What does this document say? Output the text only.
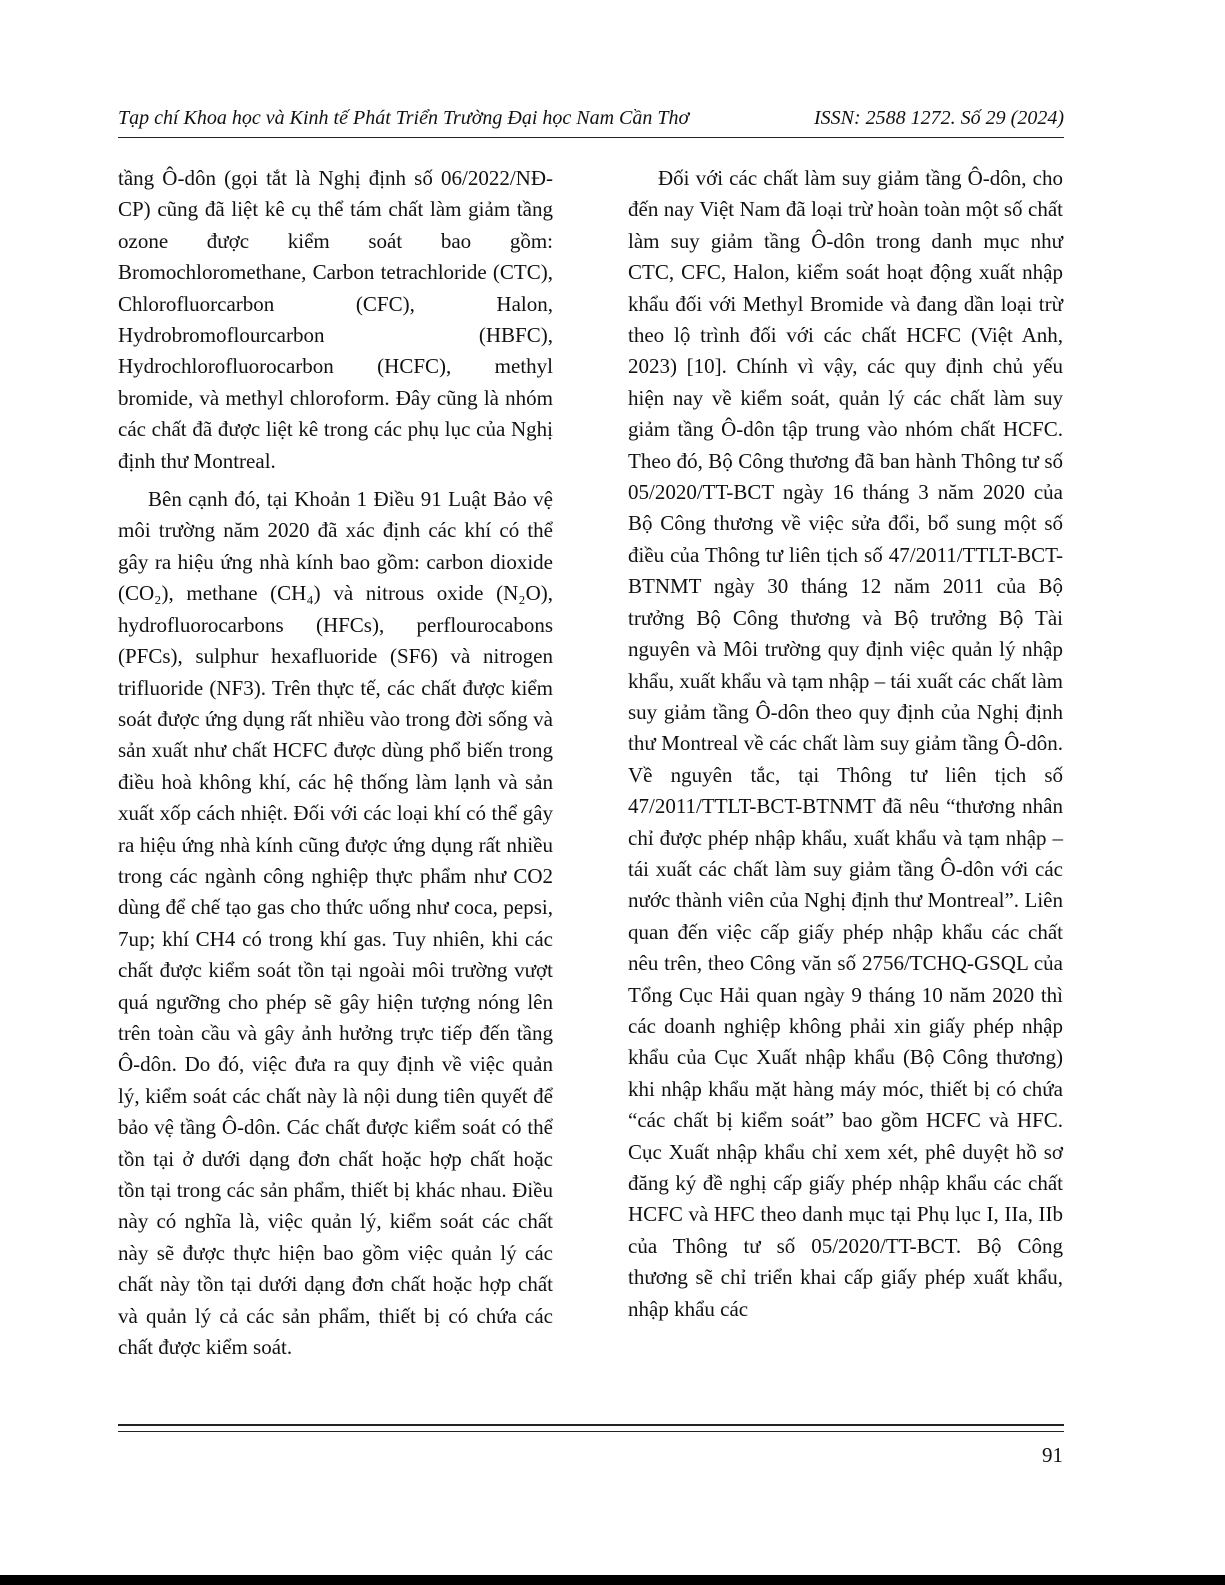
Tạp chí Khoa học và Kinh tế Phát Triển Trường Đại học Nam Cần Thơ	ISSN: 2588 1272. Số 29 (2024)

tầng Ô-dôn (gọi tắt là Nghị định số 06/2022/NĐ-CP) cũng đã liệt kê cụ thể tám chất làm giảm tầng ozone được kiểm soát bao gồm: Bromochloromethane, Carbon tetrachloride (CTC), Chlorofluorcarbon (CFC), Halon, Hydrobromoflourcarbon (HBFC), Hydrochlorofluorocarbon (HCFC), methyl bromide, và methyl chloroform. Đây cũng là nhóm các chất đã được liệt kê trong các phụ lục của Nghị định thư Montreal.

Bên cạnh đó, tại Khoản 1 Điều 91 Luật Bảo vệ môi trường năm 2020 đã xác định các khí có thể gây ra hiệu ứng nhà kính bao gồm: carbon dioxide (CO₂), methane (CH₄) và nitrous oxide (N₂O), hydrofluorocarbons (HFCs), perflourocabons (PFCs), sulphur hexafluoride (SF6) và nitrogen trifluoride (NF3). Trên thực tế, các chất được kiểm soát được ứng dụng rất nhiều vào trong đời sống và sản xuất như chất HCFC được dùng phổ biến trong điều hoà không khí, các hệ thống làm lạnh và sản xuất xốp cách nhiệt. Đối với các loại khí có thể gây ra hiệu ứng nhà kính cũng được ứng dụng rất nhiều trong các ngành công nghiệp thực phẩm như CO2 dùng để chế tạo gas cho thức uống như coca, pepsi, 7up; khí CH4 có trong khí gas. Tuy nhiên, khi các chất được kiểm soát tồn tại ngoài môi trường vượt quá ngưỡng cho phép sẽ gây hiện tượng nóng lên trên toàn cầu và gây ảnh hưởng trực tiếp đến tầng Ô-dôn. Do đó, việc đưa ra quy định về việc quản lý, kiểm soát các chất này là nội dung tiên quyết để bảo vệ tầng Ô-dôn. Các chất được kiểm soát có thể tồn tại ở dưới dạng đơn chất hoặc hợp chất hoặc tồn tại trong các sản phẩm, thiết bị khác nhau. Điều này có nghĩa là, việc quản lý, kiểm soát các chất này sẽ được thực hiện bao gồm việc quản lý các chất này tồn tại dưới dạng đơn chất hoặc hợp chất và quản lý cả các sản phẩm, thiết bị có chứa các chất được kiểm soát.

Đối với các chất làm suy giảm tầng Ô-dôn, cho đến nay Việt Nam đã loại trừ hoàn toàn một số chất làm suy giảm tầng Ô-dôn trong danh mục như CTC, CFC, Halon, kiểm soát hoạt động xuất nhập khẩu đối với Methyl Bromide và đang dần loại trừ theo lộ trình đối với các chất HCFC (Việt Anh, 2023) [10]. Chính vì vậy, các quy định chủ yếu hiện nay về kiểm soát, quản lý các chất làm suy giảm tầng Ô-dôn tập trung vào nhóm chất HCFC. Theo đó, Bộ Công thương đã ban hành Thông tư số 05/2020/TT-BCT ngày 16 tháng 3 năm 2020 của Bộ Công thương về việc sửa đổi, bổ sung một số điều của Thông tư liên tịch số 47/2011/TTLT-BCT-BTNMT ngày 30 tháng 12 năm 2011 của Bộ trưởng Bộ Công thương và Bộ trưởng Bộ Tài nguyên và Môi trường quy định việc quản lý nhập khẩu, xuất khẩu và tạm nhập – tái xuất các chất làm suy giảm tầng Ô-dôn theo quy định của Nghị định thư Montreal về các chất làm suy giảm tầng Ô-dôn. Về nguyên tắc, tại Thông tư liên tịch số 47/2011/TTLT-BCT-BTNMT đã nêu “thương nhân chỉ được phép nhập khẩu, xuất khẩu và tạm nhập – tái xuất các chất làm suy giảm tầng Ô-dôn với các nước thành viên của Nghị định thư Montreal”. Liên quan đến việc cấp giấy phép nhập khẩu các chất nêu trên, theo Công văn số 2756/TCHQ-GSQL của Tổng Cục Hải quan ngày 9 tháng 10 năm 2020 thì các doanh nghiệp không phải xin giấy phép nhập khẩu của Cục Xuất nhập khẩu (Bộ Công thương) khi nhập khẩu mặt hàng máy móc, thiết bị có chứa “các chất bị kiểm soát” bao gồm HCFC và HFC. Cục Xuất nhập khẩu chỉ xem xét, phê duyệt hồ sơ đăng ký đề nghị cấp giấy phép nhập khẩu các chất HCFC và HFC theo danh mục tại Phụ lục I, IIa, IIb của Thông tư số 05/2020/TT-BCT. Bộ Công thương sẽ chỉ triển khai cấp giấy phép xuất khẩu, nhập khẩu các

91
